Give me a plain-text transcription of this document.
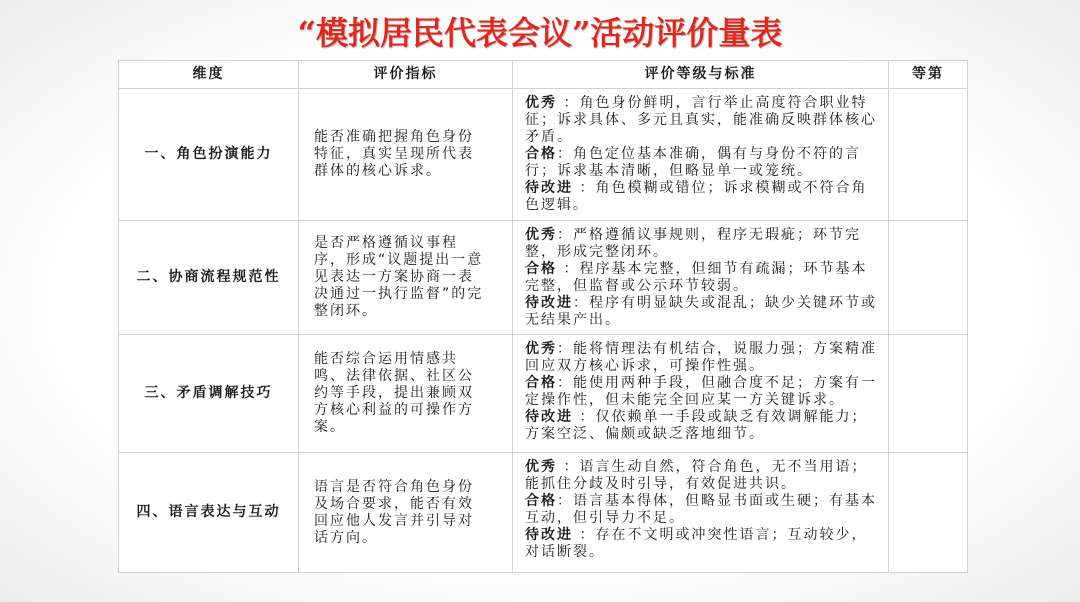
“模拟居民代表会议”活动评价量表
维度	评价指标	评价等级与标准	等第
一、角色扮演能力	能否准确把握角色身份特征，真实呈现所代表群体的核心诉求。	优秀 ：角色身份鲜明，言行举止高度符合职业特征；诉求具体、多元且真实，能准确反映群体核心矛盾。
合格：角色定位基本准确，偶有与身份不符的言行；诉求基本清晰，但略显单一或笼统。
待改进 ：角色模糊或错位；诉求模糊或不符合角色逻辑。	

二、协商流程规范性	是否严格遵循议事程序，形成“议题提出一意见表达一方案协商一表决通过一执行监督”的完整闭环。	优秀：严格遵循议事规则，程序无瑕疵；环节完整，形成完整闭环。
合格 ：程序基本完整，但细节有疏漏；环节基本完整，但监督或公示环节较弱。
待改进：程序有明显缺失或混乱；缺少关键环节或无结果产出。	

三、矛盾调解技巧	能否综合运用情感共鸣、法律依据、社区公约等手段，提出兼顾双方核心利益的可操作方案。	优秀：能将情理法有机结合，说服力强；方案精准回应双方核心诉求，可操作性强。
合格：能使用两种手段，但融合度不足；方案有一定操作性，但未能完全回应某一方关键诉求。
待改进 ：仅依赖单一手段或缺乏有效调解能力；方案空泛、偏颇或缺乏落地细节。	

四、语言表达与互动	语言是否符合角色身份及场合要求，能否有效回应他人发言并引导对话方向。	优秀 ：语言生动自然，符合角色，无不当用语；能抓住分歧及时引导，有效促进共识。
合格：语言基本得体，但略显书面或生硬；有基本互动，但引导力不足。
待改进 ：存在不文明或冲突性语言；互动较少，对话断裂。	
